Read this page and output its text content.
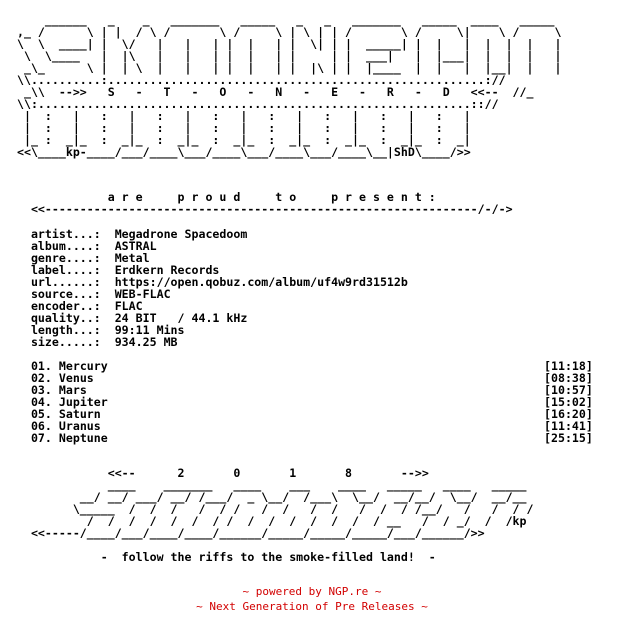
______   _    _   _______   _____   _   _   _______   _____  ____   _____
,_ /      \ | |  / \ /       \ /     \ | \ | | /       \ /     \|    \ /     \
\  \  ____| |  \/   |   |   | |  |   | |  \| | |  _____| |  |   |  |  |  |   |
\  \____   |  |\   |   |   | |  |   | |     | |  ___|   |  |___|  |  |  |   |
_\_      \ |  | \  |   |   | |  |   | |  |\ | |  |____  |  |   |  |__|  |   |
\\..........:......................................................://
_\\  -->>   S   -   T   -   O   -   N   -   E   -   R   -   D   <<--  //_
\\:..............................................................:://
|  :   |   :   |   :   |   :   |   :   |   :   |   :   |   :   |
|  :   |   :   |   :   |   :   |   :   |   :   |   :   |   :   |
|_ :  _|_  :  _|_  :  _|_  :  _|_  :  _|_  :  _|_  :  _|_  :  _|
<<\____kp-____/___/____\___/____\___/____\___/____\__|ShD\____/>>

a r e     p r o u d     t o     p r e s e n t :

<<--------------------------------------------------------------/-/->

artist...:  Megadrone Spacedoom
album....:  ASTRAL
genre....:  Metal
label....:  Erdkern Records
url......:  https://open.qobuz.com/album/uf4w9rd31512b
source...:  WEB-FLAC
encoder..:  FLAC
quality..:  24 BIT   / 44.1 kHz
length...:  99:11 Mins
size.....:  934.25 MB

01. Mercury	[11:18]
02. Venus	[08:38]
03. Mars	[10:57]
04. Jupiter	[15:02]
05. Saturn	[16:20]
06. Uranus	[11:41]
07. Neptune	[25:15]

<<--      2       0       1       8       -->>

____    _______   ____    ___    ____   _____   ____   _____
__/ __/ ___/ __/ /___/  _ \__/  /___\  \__/  __/__/  \__/  __/__
\_____  /  /  /   /  / /   /  /   /  /   /  /  / /__/   /   /  / /
/  /  /  /  /  /  / /  /  /  /  /  /  /  / __   /  / _/  /  /kp
<<-----/____/___/____/____/______/_____/_____/_____/___/______/>>

-  follow the riffs to the smoke-filled land!  -

~ powered by NGP.re ~
~ Next Generation of Pre Releases ~
